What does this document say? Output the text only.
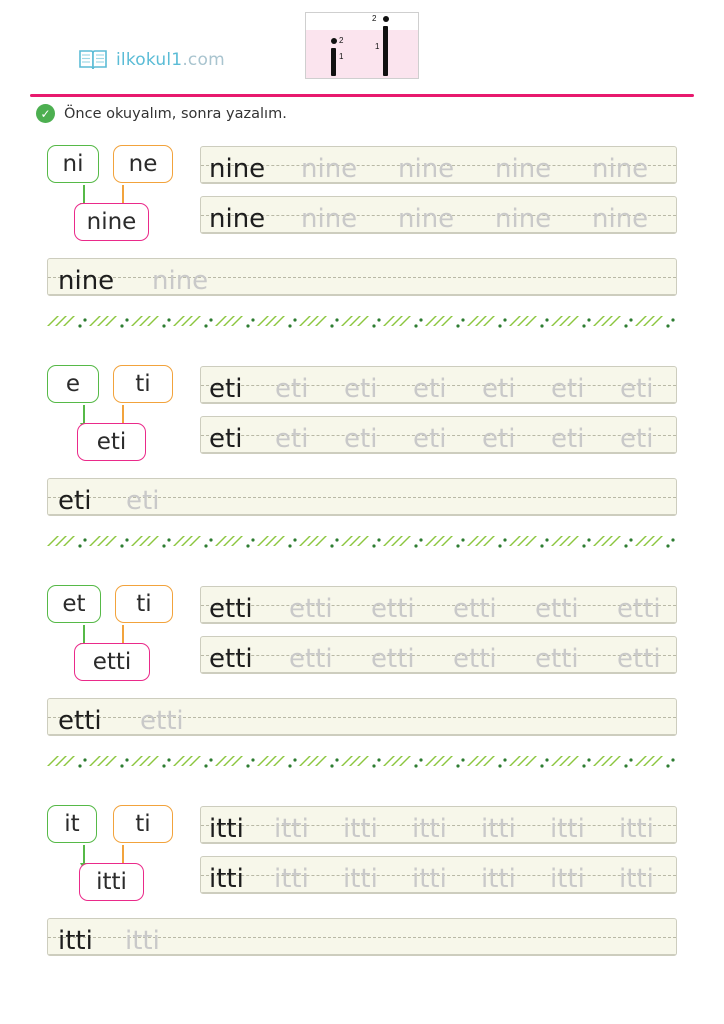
ilkokul1.com
2
1
2
1
✓ Önce okuyalım, sonra yazalım.
ni ne
nine
nine nine nine nine nine
nine nine nine nine nine
nine nine
e ti
eti
eti eti eti eti eti eti eti
eti eti eti eti eti eti eti
eti eti
et ti
etti
etti etti etti etti etti etti
etti etti etti etti etti etti
etti etti
it ti
itti
itti itti itti itti itti itti itti
itti itti itti itti itti itti itti
itti itti
